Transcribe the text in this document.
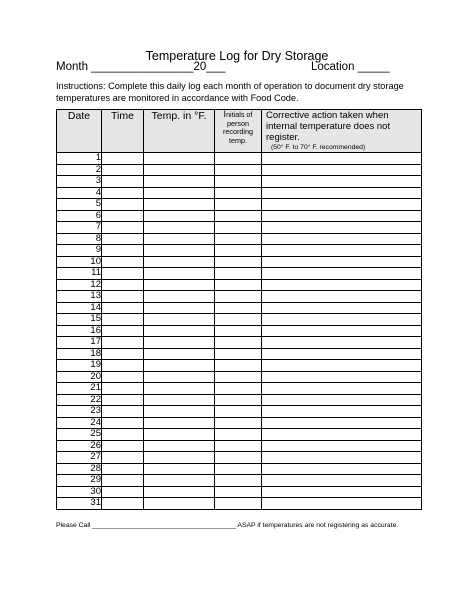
Temperature Log for Dry Storage
Month ________________20___	Location _____
Instructions: Complete this daily log each month of operation to document dry storage temperatures are monitored in accordance with Food Code.
Date	Time	Temp. in °F.	Initials of person recording temp.	Corrective action taken when internal temperature does not register.
(50° F. to 70° F. recommended)

1				
2				
3				
4				
5				
6				
7				
8				
9				
10				
11				
12				
13				
14				
15				
16				
17				
18				
19				
20				
21				
22				
23				
24				
25				
26				
27				
28				
29				
30				
31				
Please Call ______________________________________ ASAP if temperatures are not registering as accurate.
